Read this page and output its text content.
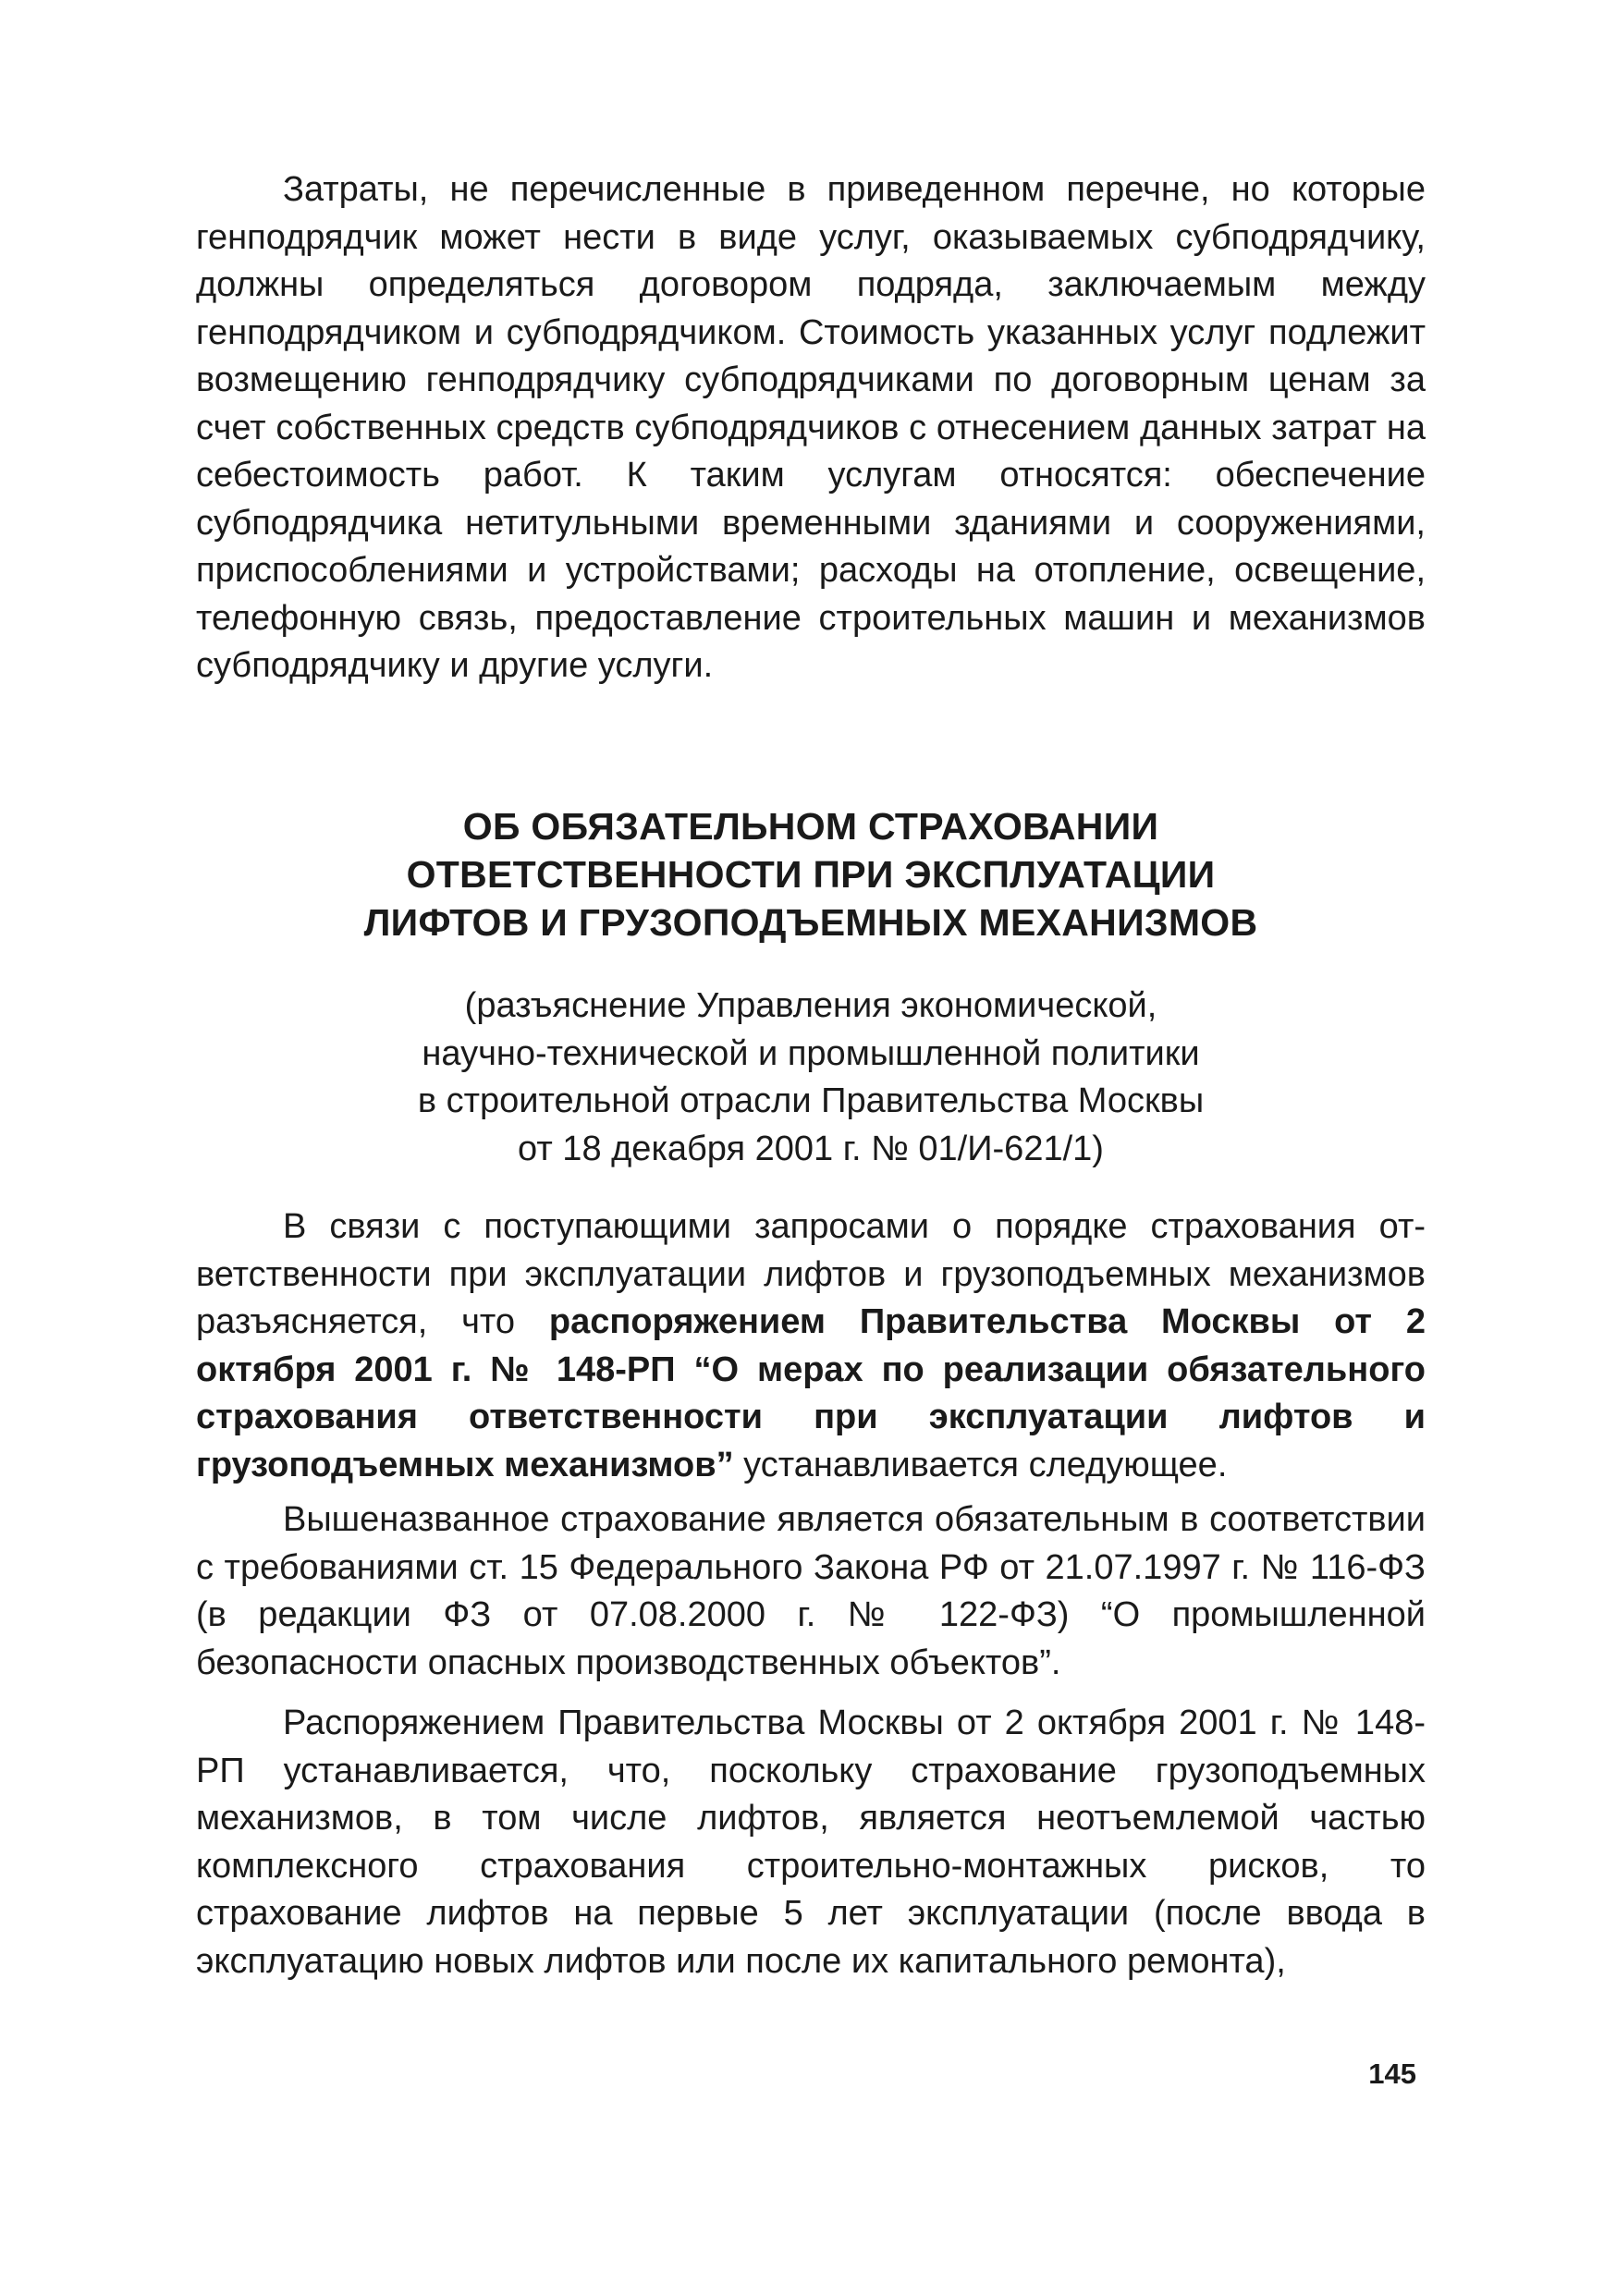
Затраты, не перечисленные в приведенном перечне, но которые генподрядчик может нести в виде услуг, оказываемых субподрядчику, должны определяться договором подряда, заключаемым между генподрядчиком и субподрядчиком. Стоимость указанных услуг подлежит возмещению генподрядчику субподрядчиками по договорным ценам за счет собственных средств субподрядчиков с отнесением данных затрат на себестоимость работ. К таким услугам относятся: обеспечение субподрядчика нетитульными временными зданиями и сооружениями, приспособлениями и устройствами; расходы на отопление, освещение, телефонную связь, предоставление строительных машин и механизмов субподрядчику и другие услуги.

ОБ ОБЯЗАТЕЛЬНОМ СТРАХОВАНИИ
ОТВЕТСТВЕННОСТИ ПРИ ЭКСПЛУАТАЦИИ
ЛИФТОВ И ГРУЗОПОДЪЕМНЫХ МЕХАНИЗМОВ
(разъяснение Управления экономической,
научно-технической и промышленной политики
в строительной отрасли Правительства Москвы
от 18 декабря 2001 г. № 01/И-621/1)

В связи с поступающими запросами о порядке страхования ответственности при эксплуатации лифтов и грузоподъемных механизмов разъясняется, что распоряжением Правительства Москвы от 2 октября 2001 г. № 148-РП “О мерах по реализации обязательного страхования ответственности при эксплуатации лифтов и грузоподъемных механизмов” устанавливается следующее.

Вышеназванное страхование является обязательным в соответствии с требованиями ст. 15 Федерального Закона РФ от 21.07.1997 г. № 116-ФЗ (в редакции ФЗ от 07.08.2000 г. № 122-ФЗ) “О промышленной безопасности опасных производственных объектов”.

Распоряжением Правительства Москвы от 2 октября 2001 г. № 148-РП устанавливается, что, поскольку страхование грузоподъемных механизмов, в том числе лифтов, является неотъемлемой частью комплексного страхования строительно-монтажных рисков, то страхование лифтов на первые 5 лет эксплуатации (после ввода в эксплуатацию новых лифтов или после их капитального ремонта),

145
